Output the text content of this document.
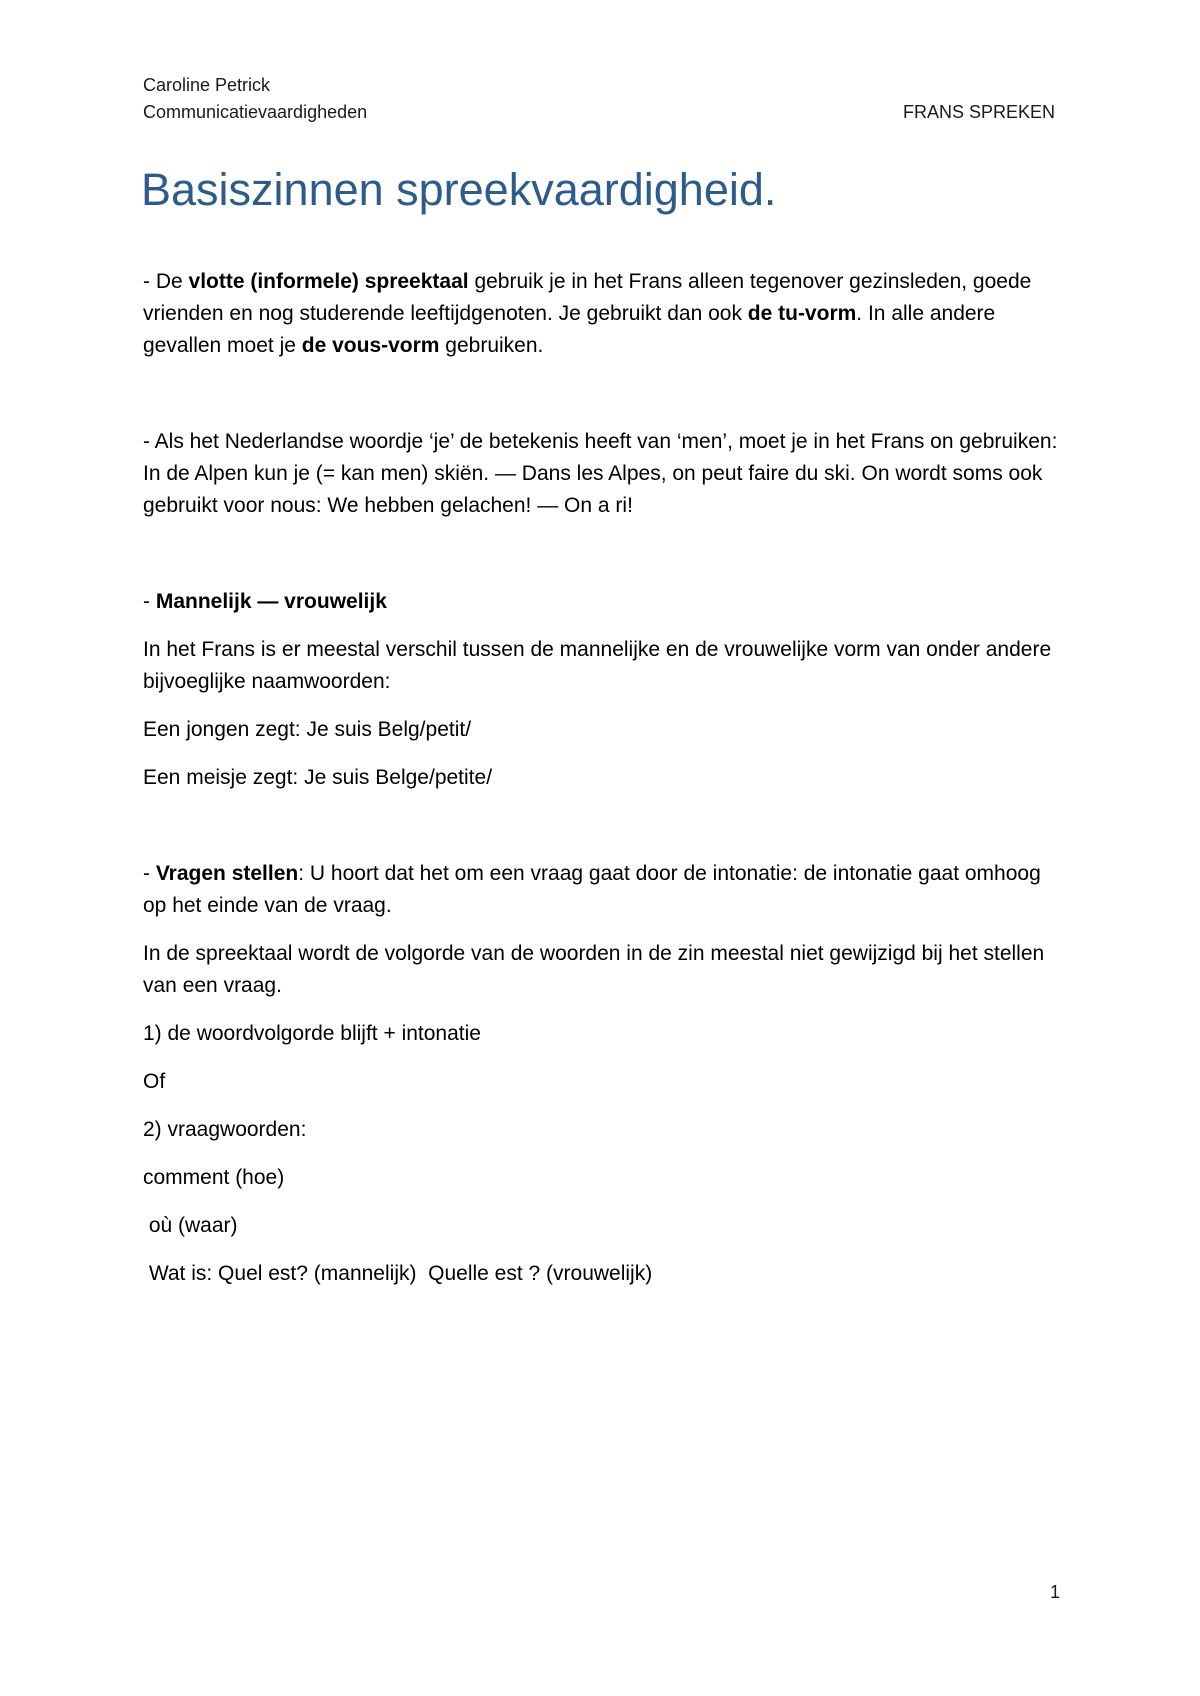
Caroline Petrick
Communicatievaardigheden	FRANS SPREKEN
Basiszinnen spreekvaardigheid.

- De vlotte (informele) spreektaal gebruik je in het Frans alleen tegenover gezinsleden, goede vrienden en nog studerende leeftijdgenoten. Je gebruikt dan ook de tu-vorm. In alle andere gevallen moet je de vous-vorm gebruiken.

- Als het Nederlandse woordje ‘je’ de betekenis heeft van ‘men’, moet je in het Frans on gebruiken: In de Alpen kun je (= kan men) skiën. — Dans les Alpes, on peut faire du ski. On wordt soms ook gebruikt voor nous: We hebben gelachen! — On a ri!

- Mannelijk — vrouwelijk

In het Frans is er meestal verschil tussen de mannelijke en de vrouwelijke vorm van onder andere bijvoeglijke naamwoorden:

Een jongen zegt: Je suis Belg/petit/

Een meisje zegt: Je suis Belge/petite/

- Vragen stellen: U hoort dat het om een vraag gaat door de intonatie: de intonatie gaat omhoog op het einde van de vraag.

In de spreektaal wordt de volgorde van de woorden in de zin meestal niet gewijzigd bij het stellen van een vraag.

1) de woordvolgorde blijft + intonatie

Of

2) vraagwoorden:

comment (hoe)

où (waar)

Wat is: Quel est? (mannelijk)  Quelle est ? (vrouwelijk)

1
